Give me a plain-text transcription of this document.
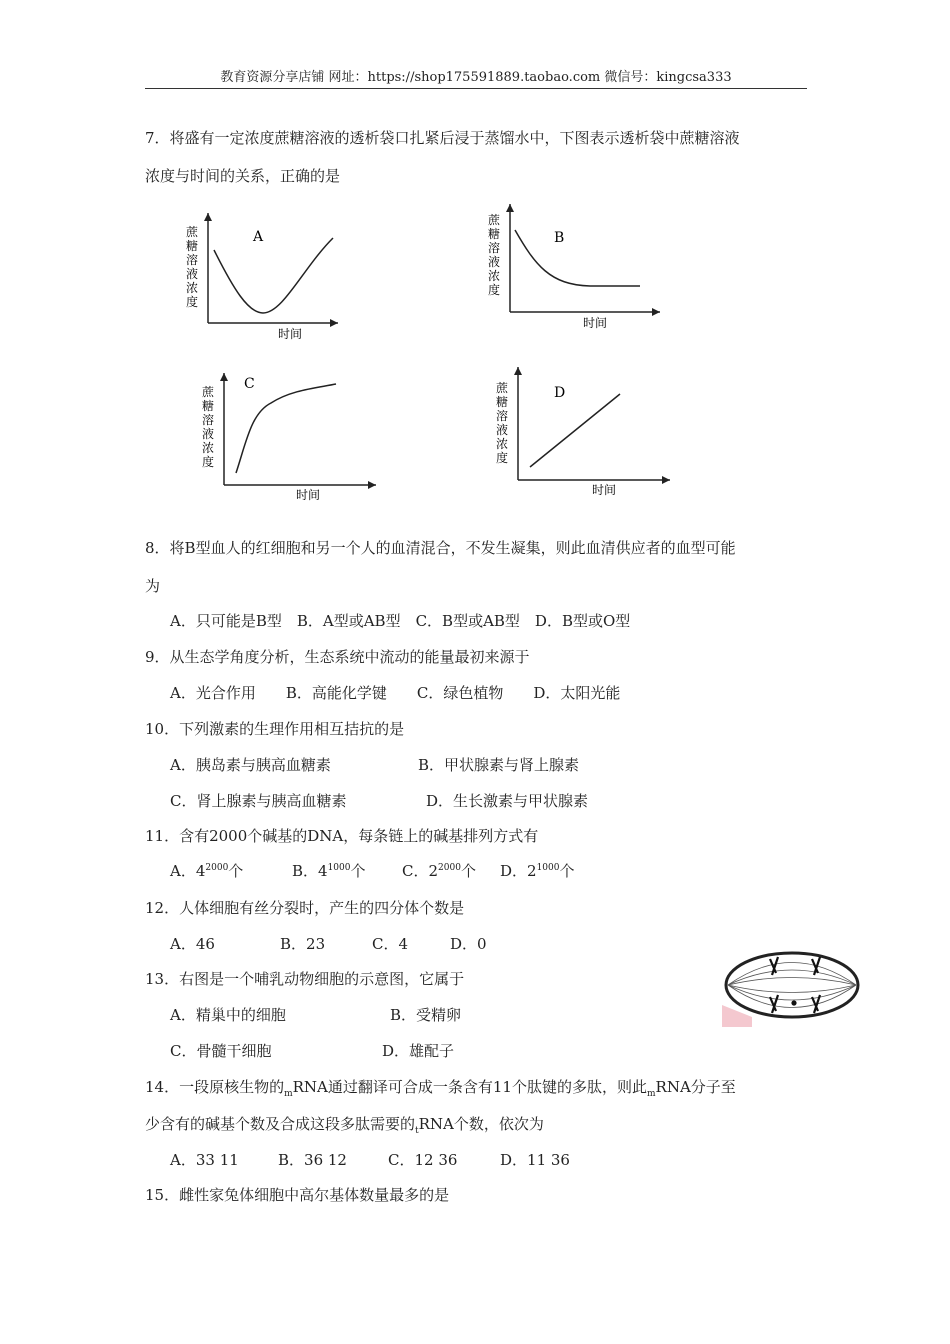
教育资源分享店铺 网址：https://shop175591889.taobao.com 微信号：kingcsa333
7．将盛有一定浓度蔗糖溶液的透析袋口扎紧后浸于蒸馏水中，下图表示透析袋中蔗糖溶液
浓度与时间的关系，正确的是
A
时间
蔗
糖
溶
液
浓
度
B
时间
蔗
糖
溶
液
浓
度
C
时间
蔗
糖
溶
液
浓
度
D
时间
蔗
糖
溶
液
浓
度
8．将B型血人的红细胞和另一个人的血清混合，不发生凝集，则此血清供应者的血型可能
为
A．只可能是B型　B．A型或AB型　C．B型或AB型　D．B型或O型
9．从生态学角度分析，生态系统中流动的能量最初来源于
A．光合作用　　B．高能化学键　　C．绿色植物　　D．太阳光能
10．下列激素的生理作用相互拮抗的是
A．胰岛素与胰高血糖素	B．甲状腺素与肾上腺素
C．肾上腺素与胰高血糖素	D．生长激素与甲状腺素
11．含有2000个碱基的DNA，每条链上的碱基排列方式有
A．$4^{2000}$个	B．$4^{1000}$个 C．$2^{2000}$个 D．$2^{1000}$个
12．人体细胞有丝分裂时，产生的四分体个数是
A．46	B．23	C．4	D．0
13．右图是一个哺乳动物细胞的示意图，它属于
A．精巢中的细胞	B．受精卵
C．骨髓干细胞	D．雄配子
14．一段原核生物的$_m$RNA通过翻译可合成一条含有11个肽键的多肽，则此$_m$RNA分子至
少含有的碱基个数及合成这段多肽需要的$_t$RNA个数，依次为
A．33 11	B．36 12	C．12 36	D．11 36
15．雌性家兔体细胞中高尔基体数量最多的是
